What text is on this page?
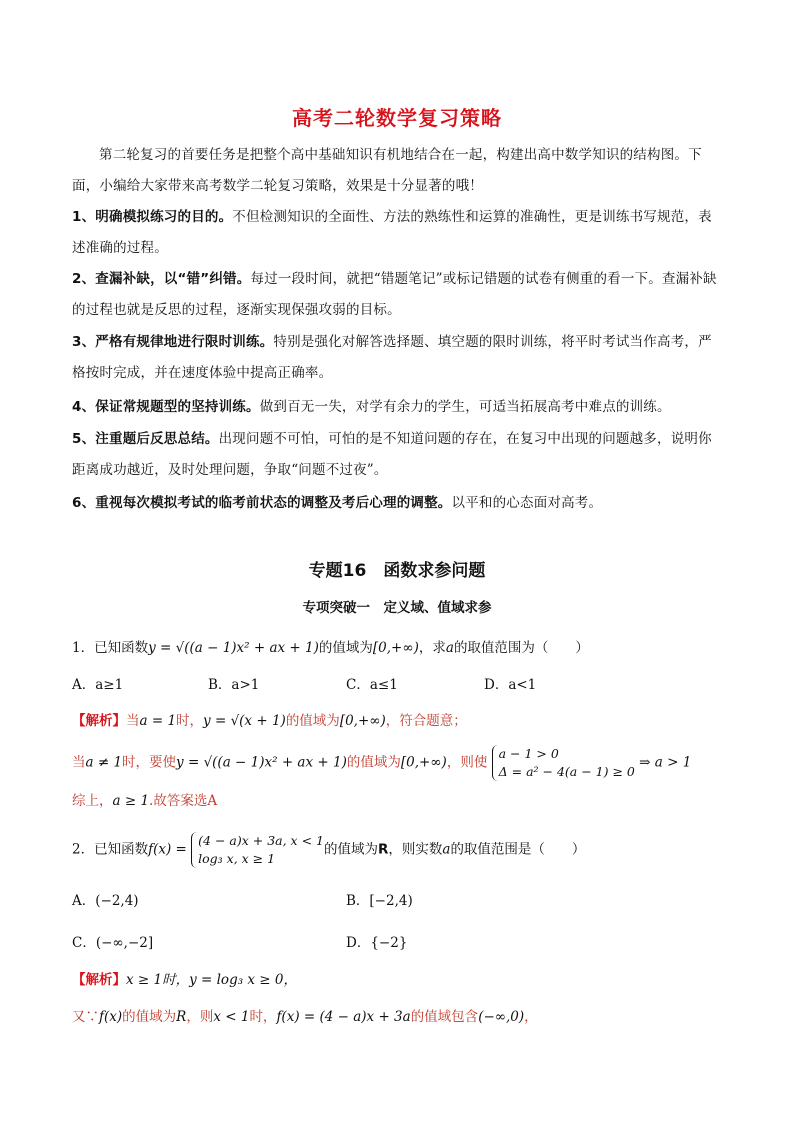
高考二轮数学复习策略
第二轮复习的首要任务是把整个高中基础知识有机地结合在一起，构建出高中数学知识的结构图。下面，小编给大家带来高考数学二轮复习策略，效果是十分显著的哦！
1、明确模拟练习的目的。不但检测知识的全面性、方法的熟练性和运算的准确性，更是训练书写规范，表述准确的过程。
2、查漏补缺，以“错”纠错。每过一段时间，就把“错题笔记”或标记错题的试卷有侧重的看一下。查漏补缺的过程也就是反思的过程，逐渐实现保强攻弱的目标。
3、严格有规律地进行限时训练。特别是强化对解答选择题、填空题的限时训练，将平时考试当作高考，严格按时完成，并在速度体验中提高正确率。
4、保证常规题型的坚持训练。做到百无一失，对学有余力的学生，可适当拓展高考中难点的训练。
5、注重题后反思总结。出现问题不可怕，可怕的是不知道问题的存在，在复习中出现的问题越多，说明你距离成功越近，及时处理问题，争取“问题不过夜”。
6、重视每次模拟考试的临考前状态的调整及考后心理的调整。以平和的心态面对高考。
专题16　函数求参问题
专项突破一　定义域、值域求参
1．已知函数y = √((a − 1)x² + ax + 1)的值域为[0,+∞)，求a的取值范围为（　　）
A．a≥1	B．a>1	C．a≤1	D．a<1
【解析】当a = 1时，y = √(x + 1)的值域为[0,+∞)，符合题意；
当a ≠ 1时，要使y = √((a − 1)x² + ax + 1)的值域为[0,+∞)，则使 a − 1 > 0
Δ = a² − 4(a − 1) ≥ 0 ⇒ a > 1
综上，a ≥ 1.故答案选A
2．已知函数f(x) = (4 − a)x + 3a, x < 1
log₃ x, x ≥ 1的值域为R，则实数a的取值范围是（　　）
A．(−2,4)	B．[−2,4)
C．(−∞,−2]	D．{−2}
【解析】x ≥ 1时，y = log₃ x ≥ 0，
又∵f(x)的值域为R，则x < 1时，f(x) = (4 − a)x + 3a的值域包含(−∞,0)，
